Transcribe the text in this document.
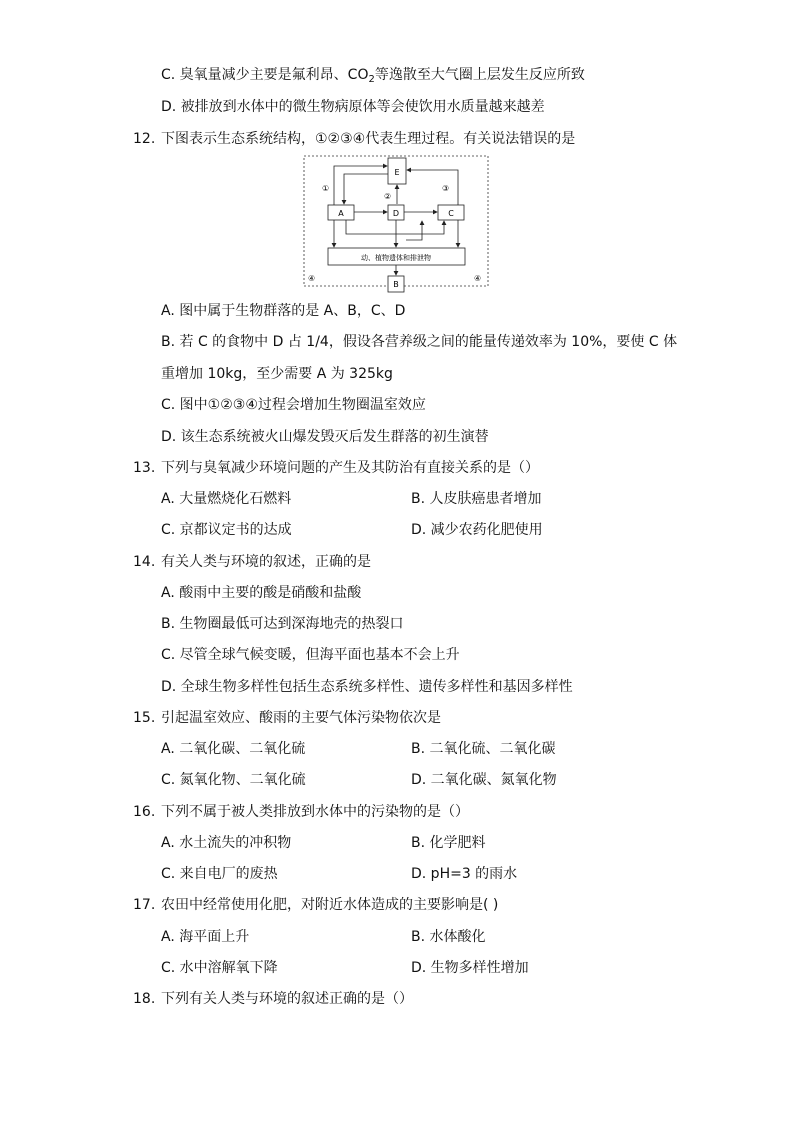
C. 臭氧量减少主要是氟利昂、$CO_2$等逸散至大气圈上层发生反应所致
D. 被排放到水体中的微生物病原体等会使饮用水质量越来越差
12. 下图表示生态系统结构，①②③④代表生理过程。有关说法错误的是
E
A	D	C
动、植物遗体和排泄物
B
①
②
③
④	④
A. 图中属于生物群落的是 A、B，C、D
B. 若 C 的食物中 D 占 1/4，假设各营养级之间的能量传递效率为 10%，要使 C 体
重增加 10kg，至少需要 A 为 325kg
C. 图中①②③④过程会增加生物圈温室效应
D. 该生态系统被火山爆发毁灭后发生群落的初生演替
13. 下列与臭氧减少环境问题的产生及其防治有直接关系的是（）
A. 大量燃烧化石燃料	B. 人皮肤癌患者增加
C. 京都议定书的达成	D. 减少农药化肥使用
14. 有关人类与环境的叙述，正确的是
A. 酸雨中主要的酸是硝酸和盐酸
B. 生物圈最低可达到深海地壳的热裂口
C. 尽管全球气候变暖，但海平面也基本不会上升
D. 全球生物多样性包括生态系统多样性、遗传多样性和基因多样性
15. 引起温室效应、酸雨的主要气体污染物依次是
A. 二氧化碳、二氧化硫	B. 二氧化硫、二氧化碳
C. 氮氧化物、二氧化硫	D. 二氧化碳、氮氧化物
16. 下列不属于被人类排放到水体中的污染物的是（）
A. 水土流失的冲积物	B. 化学肥料
C. 来自电厂的废热	D. pH=3 的雨水
17. 农田中经常使用化肥，对附近水体造成的主要影响是( )
A. 海平面上升	B. 水体酸化
C. 水中溶解氧下降	D. 生物多样性增加
18. 下列有关人类与环境的叙述正确的是（）
